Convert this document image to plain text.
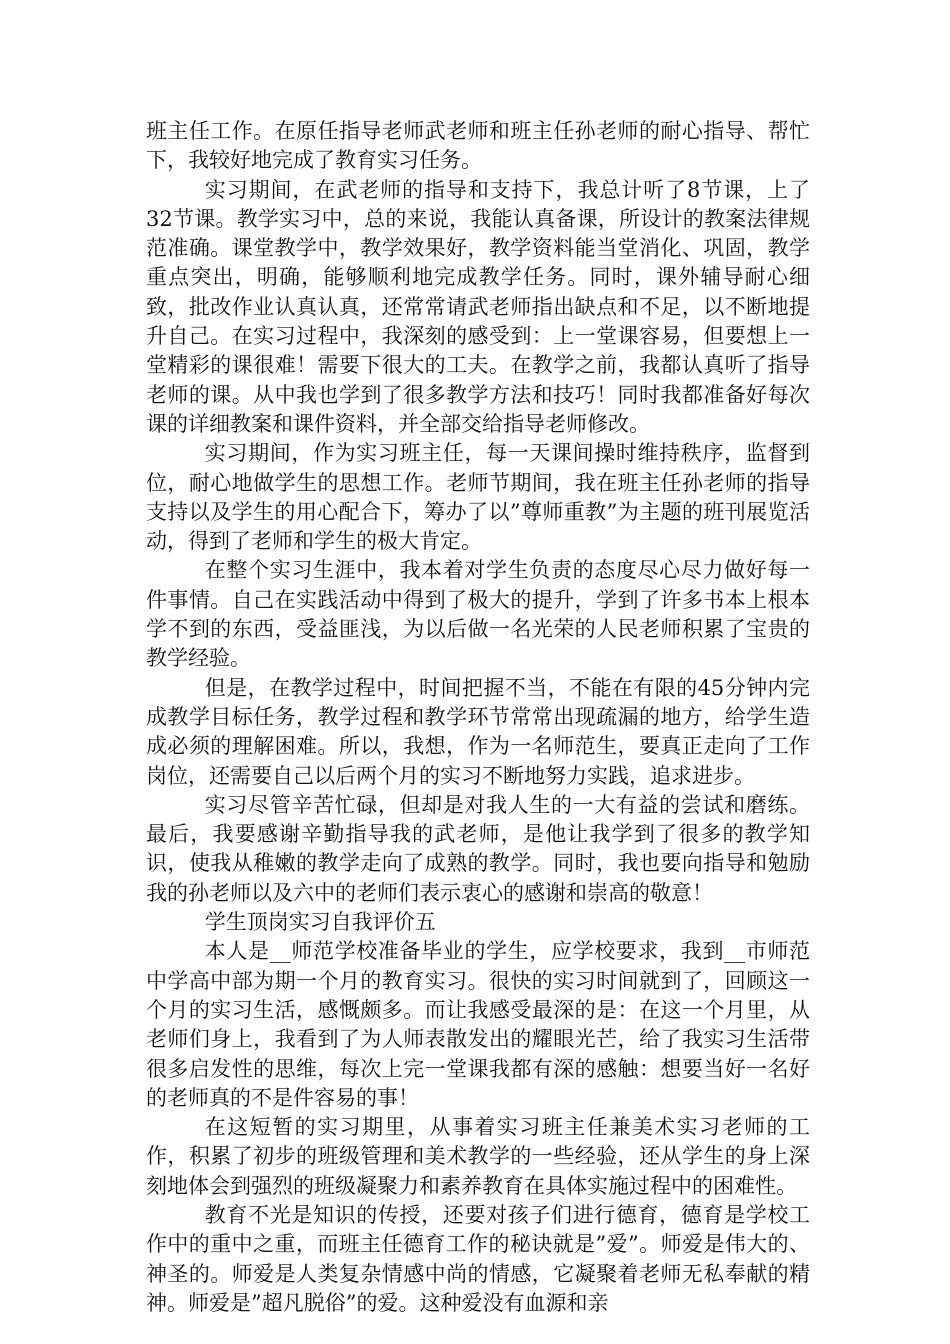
班主任工作。在原任指导老师武老师和班主任孙老师的耐心指导、帮忙下，我较好地完成了教育实习任务。

实习期间，在武老师的指导和支持下，我总计听了8节课，上了32节课。教学实习中，总的来说，我能认真备课，所设计的教案法律规范准确。课堂教学中，教学效果好，教学资料能当堂消化、巩固，教学重点突出，明确，能够顺利地完成教学任务。同时，课外辅导耐心细致，批改作业认真认真，还常常请武老师指出缺点和不足，以不断地提升自己。在实习过程中，我深刻的感受到：上一堂课容易，但要想上一堂精彩的课很难！需要下很大的工夫。在教学之前，我都认真听了指导老师的课。从中我也学到了很多教学方法和技巧！同时我都准备好每次课的详细教案和课件资料，并全部交给指导老师修改。

实习期间，作为实习班主任，每一天课间操时维持秩序，监督到位，耐心地做学生的思想工作。老师节期间，我在班主任孙老师的指导支持以及学生的用心配合下，筹办了以”尊师重教”为主题的班刊展览活动，得到了老师和学生的极大肯定。

在整个实习生涯中，我本着对学生负责的态度尽心尽力做好每一件事情。自己在实践活动中得到了极大的提升，学到了许多书本上根本学不到的东西，受益匪浅，为以后做一名光荣的人民老师积累了宝贵的教学经验。

但是，在教学过程中，时间把握不当，不能在有限的45分钟内完成教学目标任务，教学过程和教学环节常常出现疏漏的地方，给学生造成必须的理解困难。所以，我想，作为一名师范生，要真正走向了工作岗位，还需要自己以后两个月的实习不断地努力实践，追求进步。

实习尽管辛苦忙碌，但却是对我人生的一大有益的尝试和磨练。最后，我要感谢辛勤指导我的武老师，是他让我学到了很多的教学知识，使我从稚嫩的教学走向了成熟的教学。同时，我也要向指导和勉励我的孙老师以及六中的老师们表示衷心的感谢和崇高的敬意！

学生顶岗实习自我评价五

本人是__师范学校准备毕业的学生，应学校要求，我到__市师范中学高中部为期一个月的教育实习。很快的实习时间就到了，回顾这一个月的实习生活，感慨颇多。而让我感受最深的是：在这一个月里，从老师们身上，我看到了为人师表散发出的耀眼光芒，给了我实习生活带很多启发性的思维，每次上完一堂课我都有深的感触：想要当好一名好的老师真的不是件容易的事！

在这短暂的实习期里，从事着实习班主任兼美术实习老师的工作，积累了初步的班级管理和美术教学的一些经验，还从学生的身上深刻地体会到强烈的班级凝聚力和素养教育在具体实施过程中的困难性。

教育不光是知识的传授，还要对孩子们进行德育，德育是学校工作中的重中之重，而班主任德育工作的秘诀就是”爱”。师爱是伟大的、神圣的。师爱是人类复杂情感中尚的情感，它凝聚着老师无私奉献的精神。师爱是”超凡脱俗”的爱。这种爱没有血源和亲
